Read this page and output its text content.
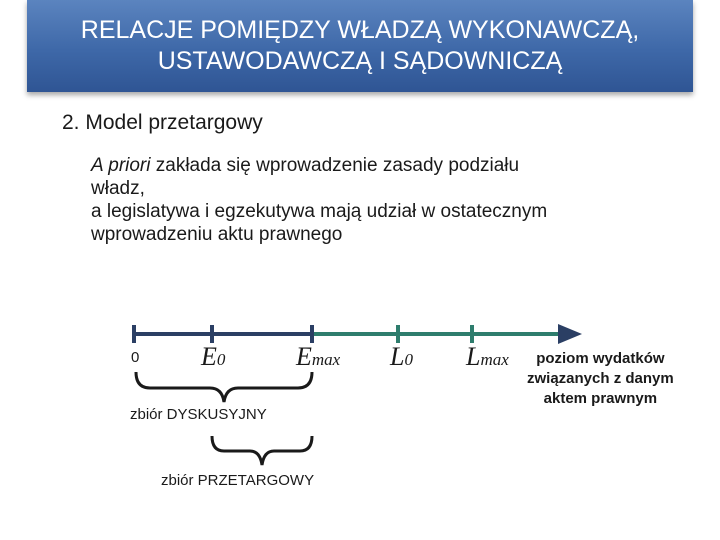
RELACJE POMIĘDZY WŁADZĄ WYKONAWCZĄ,
USTAWODAWCZĄ I SĄDOWNICZĄ
2. Model przetargowy
A priori zakłada się wprowadzenie zasady podziału
władz,
a legislatywa i egzekutywa mają udział w ostatecznym
wprowadzeniu aktu prawnego
0 E0	Emax L0 Lmax	poziom wydatków
związanych z danym
aktem prawnym
zbiór DYSKUSYJNY
zbiór PRZETARGOWY
